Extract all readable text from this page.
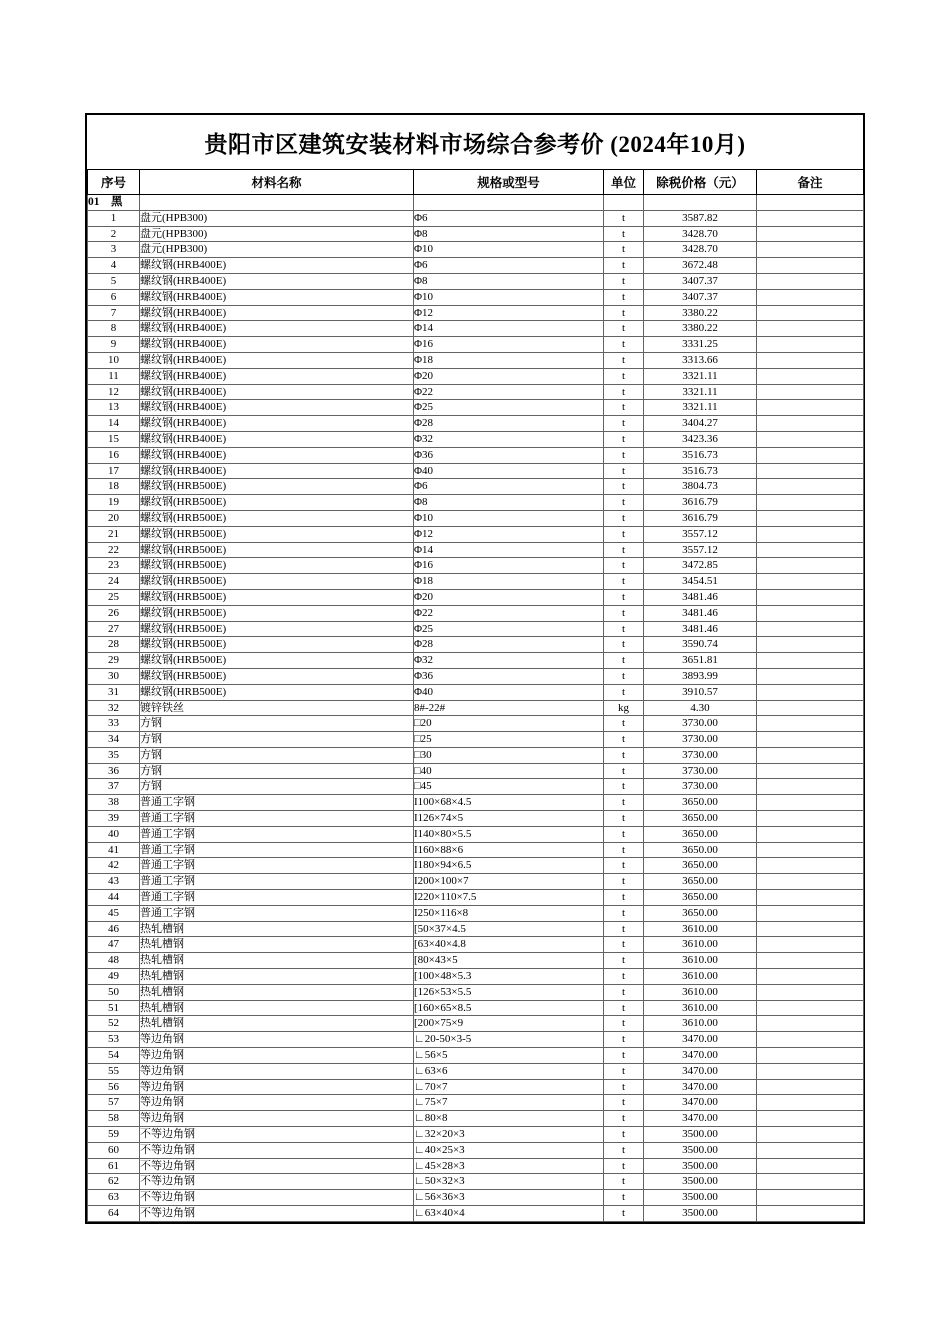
贵阳市区建筑安装材料市场综合参考价 (2024年10月)
序号	材料名称	规格或型号	单位	除税价格（元）	备注
01　黑					
1	盘元(HPB300)	Φ6	t	3587.82	
2	盘元(HPB300)	Φ8	t	3428.70	
3	盘元(HPB300)	Φ10	t	3428.70	
4	螺纹钢(HRB400E)	Φ6	t	3672.48	
5	螺纹钢(HRB400E)	Φ8	t	3407.37	
6	螺纹钢(HRB400E)	Φ10	t	3407.37	
7	螺纹钢(HRB400E)	Φ12	t	3380.22	
8	螺纹钢(HRB400E)	Φ14	t	3380.22	
9	螺纹钢(HRB400E)	Φ16	t	3331.25	
10	螺纹钢(HRB400E)	Φ18	t	3313.66	
11	螺纹钢(HRB400E)	Φ20	t	3321.11	
12	螺纹钢(HRB400E)	Φ22	t	3321.11	
13	螺纹钢(HRB400E)	Φ25	t	3321.11	
14	螺纹钢(HRB400E)	Φ28	t	3404.27	
15	螺纹钢(HRB400E)	Φ32	t	3423.36	
16	螺纹钢(HRB400E)	Φ36	t	3516.73	
17	螺纹钢(HRB400E)	Φ40	t	3516.73	
18	螺纹钢(HRB500E)	Φ6	t	3804.73	
19	螺纹钢(HRB500E)	Φ8	t	3616.79	
20	螺纹钢(HRB500E)	Φ10	t	3616.79	
21	螺纹钢(HRB500E)	Φ12	t	3557.12	
22	螺纹钢(HRB500E)	Φ14	t	3557.12	
23	螺纹钢(HRB500E)	Φ16	t	3472.85	
24	螺纹钢(HRB500E)	Φ18	t	3454.51	
25	螺纹钢(HRB500E)	Φ20	t	3481.46	
26	螺纹钢(HRB500E)	Φ22	t	3481.46	
27	螺纹钢(HRB500E)	Φ25	t	3481.46	
28	螺纹钢(HRB500E)	Φ28	t	3590.74	
29	螺纹钢(HRB500E)	Φ32	t	3651.81	
30	螺纹钢(HRB500E)	Φ36	t	3893.99	
31	螺纹钢(HRB500E)	Φ40	t	3910.57	
32	镀锌铁丝	8#-22#	kg	4.30	
33	方钢	□20	t	3730.00	
34	方钢	□25	t	3730.00	
35	方钢	□30	t	3730.00	
36	方钢	□40	t	3730.00	
37	方钢	□45	t	3730.00	
38	普通工字钢	I100×68×4.5	t	3650.00	
39	普通工字钢	I126×74×5	t	3650.00	
40	普通工字钢	I140×80×5.5	t	3650.00	
41	普通工字钢	I160×88×6	t	3650.00	
42	普通工字钢	I180×94×6.5	t	3650.00	
43	普通工字钢	I200×100×7	t	3650.00	
44	普通工字钢	I220×110×7.5	t	3650.00	
45	普通工字钢	I250×116×8	t	3650.00	
46	热轧槽钢	[50×37×4.5	t	3610.00	
47	热轧槽钢	[63×40×4.8	t	3610.00	
48	热轧槽钢	[80×43×5	t	3610.00	
49	热轧槽钢	[100×48×5.3	t	3610.00	
50	热轧槽钢	[126×53×5.5	t	3610.00	
51	热轧槽钢	[160×65×8.5	t	3610.00	
52	热轧槽钢	[200×75×9	t	3610.00	
53	等边角钢	∟20-50×3-5	t	3470.00	
54	等边角钢	∟56×5	t	3470.00	
55	等边角钢	∟63×6	t	3470.00	
56	等边角钢	∟70×7	t	3470.00	
57	等边角钢	∟75×7	t	3470.00	
58	等边角钢	∟80×8	t	3470.00	
59	不等边角钢	∟32×20×3	t	3500.00	
60	不等边角钢	∟40×25×3	t	3500.00	
61	不等边角钢	∟45×28×3	t	3500.00	
62	不等边角钢	∟50×32×3	t	3500.00	
63	不等边角钢	∟56×36×3	t	3500.00	
64	不等边角钢	∟63×40×4	t	3500.00	
